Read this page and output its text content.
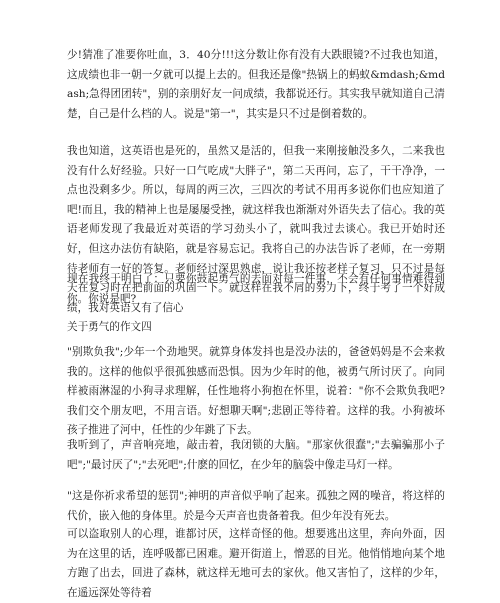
少!猜准了准要你吐血，3．40分!!!这分数让你有没有大跌眼镜?不过我也知道，这成绩也非一朝一夕就可以提上去的。但我还是像"热锅上的蚂蚁&mdash;&mdash;急得团团转"，别的亲朋好友一问成绩，我都说还行。其实我早就知道自己清楚，自己是什么档的人。说是"第一"，其实是只不过是倒着数的。

我也知道，这英语也是死的，虽然又是活的，但我一来刚接触没多久，二来我也没有什么好经验。只好一口气吃成"大胖子"，第二天再问，忘了，干干净净，一点也没剩多少。所以，每周的两三次，三四次的考试不用再多说你们也应知道了吧!而且，我的精神上也是屡屡受挫，就这样我也渐渐对外语失去了信心。我的英语老师发现了我最近对英语的学习劲头小了，就叫我过去谈心。我已开始时还好，但这办法仿有缺陷，就是容易忘记。我将自己的办法告诉了老师，在一旁期待老师有一好的答复。老师经过深思熟虑，说让我还按老样子复习，只不过是每天在复习时在把前面的巩固一下。就这样在我不屑的努力下，终于考了一个好成绩，我对英语又有了信心

现在我终于明白了：只要你鼓起勇气的去面对每一件事，不会有任何事情难得到你。你说是吧?

关于勇气的作文四

"别欺负我";少年一个劲地哭。就算身体发抖也是没办法的，爸爸妈妈是不会来救我的。这样的他似乎很孤独感而恐惧。因为少年时的他，被勇气所讨厌了。向同样被雨淋湿的小狗寻求理解，任性地将小狗抱在怀里，说着："你不会欺负我吧?我们交个朋友吧，不用言语。好想聊天啊";悲剧正等待着。这样的我。小狗被坏孩子推进了河中，任性的少年跳了下去。

我听到了，声音响亮地，敲击着，我闭锁的大脑。"那家伙很蠢";"去骗骗那小子吧";"最讨厌了";"去死吧";什麽的回忆，在少年的脑袋中像走马灯一样。

"这是你祈求希望的惩罚";神明的声音似乎响了起来。孤独之网的噪音，将这样的代价，嵌入他的身体里。於是今天声音也贵备着我。但少年没有死去。

可以盗取别人的心理，谁都讨厌，这样奇怪的他。想要逃出这里，奔向外面，因为在这里的话，连呼吸都已困难。避开街道上，憎恶的目光。他悄悄地向某个地方跑了出去，回进了森林，就这样无地可去的家伙。他又害怕了，这样的少年，在遥远深处等待着
